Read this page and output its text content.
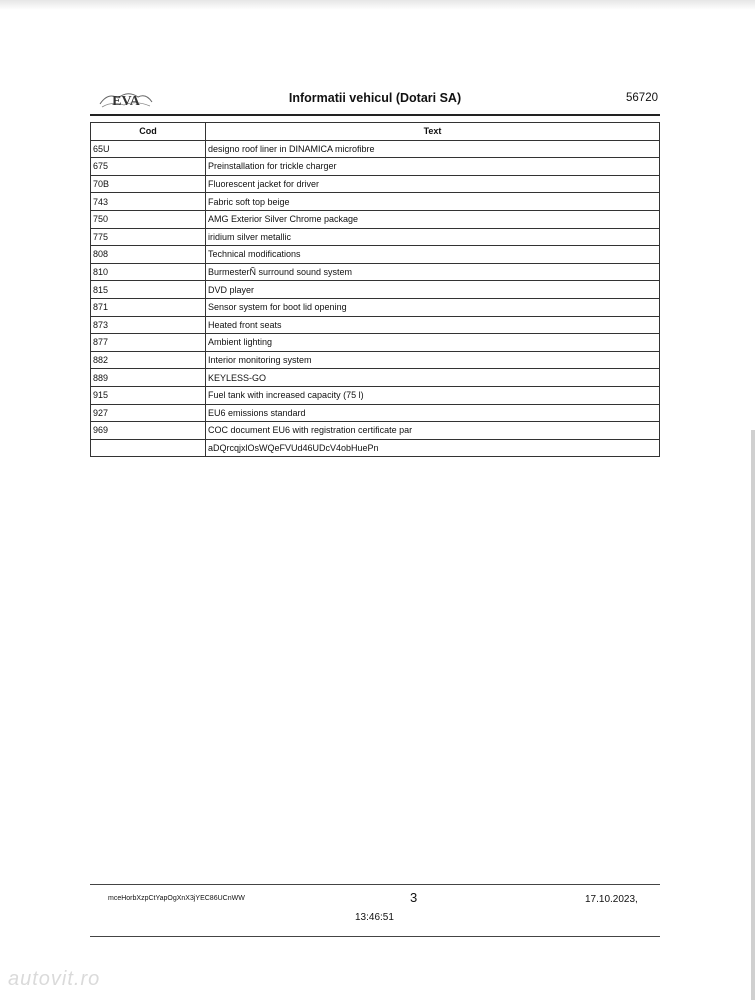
EVA	Informatii vehicul (Dotari SA)	56720
Cod	Text
65U	designo roof liner in DINAMICA microfibre
675	Preinstallation for trickle charger
70B	Fluorescent jacket for driver
743	Fabric soft top beige
750	AMG Exterior Silver Chrome package
775	iridium silver metallic
808	Technical modifications
810	BurmesterÑ surround sound system
815	DVD player
871	Sensor system for boot lid opening
873	Heated front seats
877	Ambient lighting
882	Interior monitoring system
889	KEYLESS-GO
915	Fuel tank with increased capacity (75 l)
927	EU6 emissions standard
969	COC document EU6 with registration certificate par
	aDQrcqjxlOsWQeFVUd46UDcV4obHuePn
mceHorbXzpCtYapOgXnX3jYEC86UCnWW	3	17.10.2023,
13:46:51
autovit.ro
